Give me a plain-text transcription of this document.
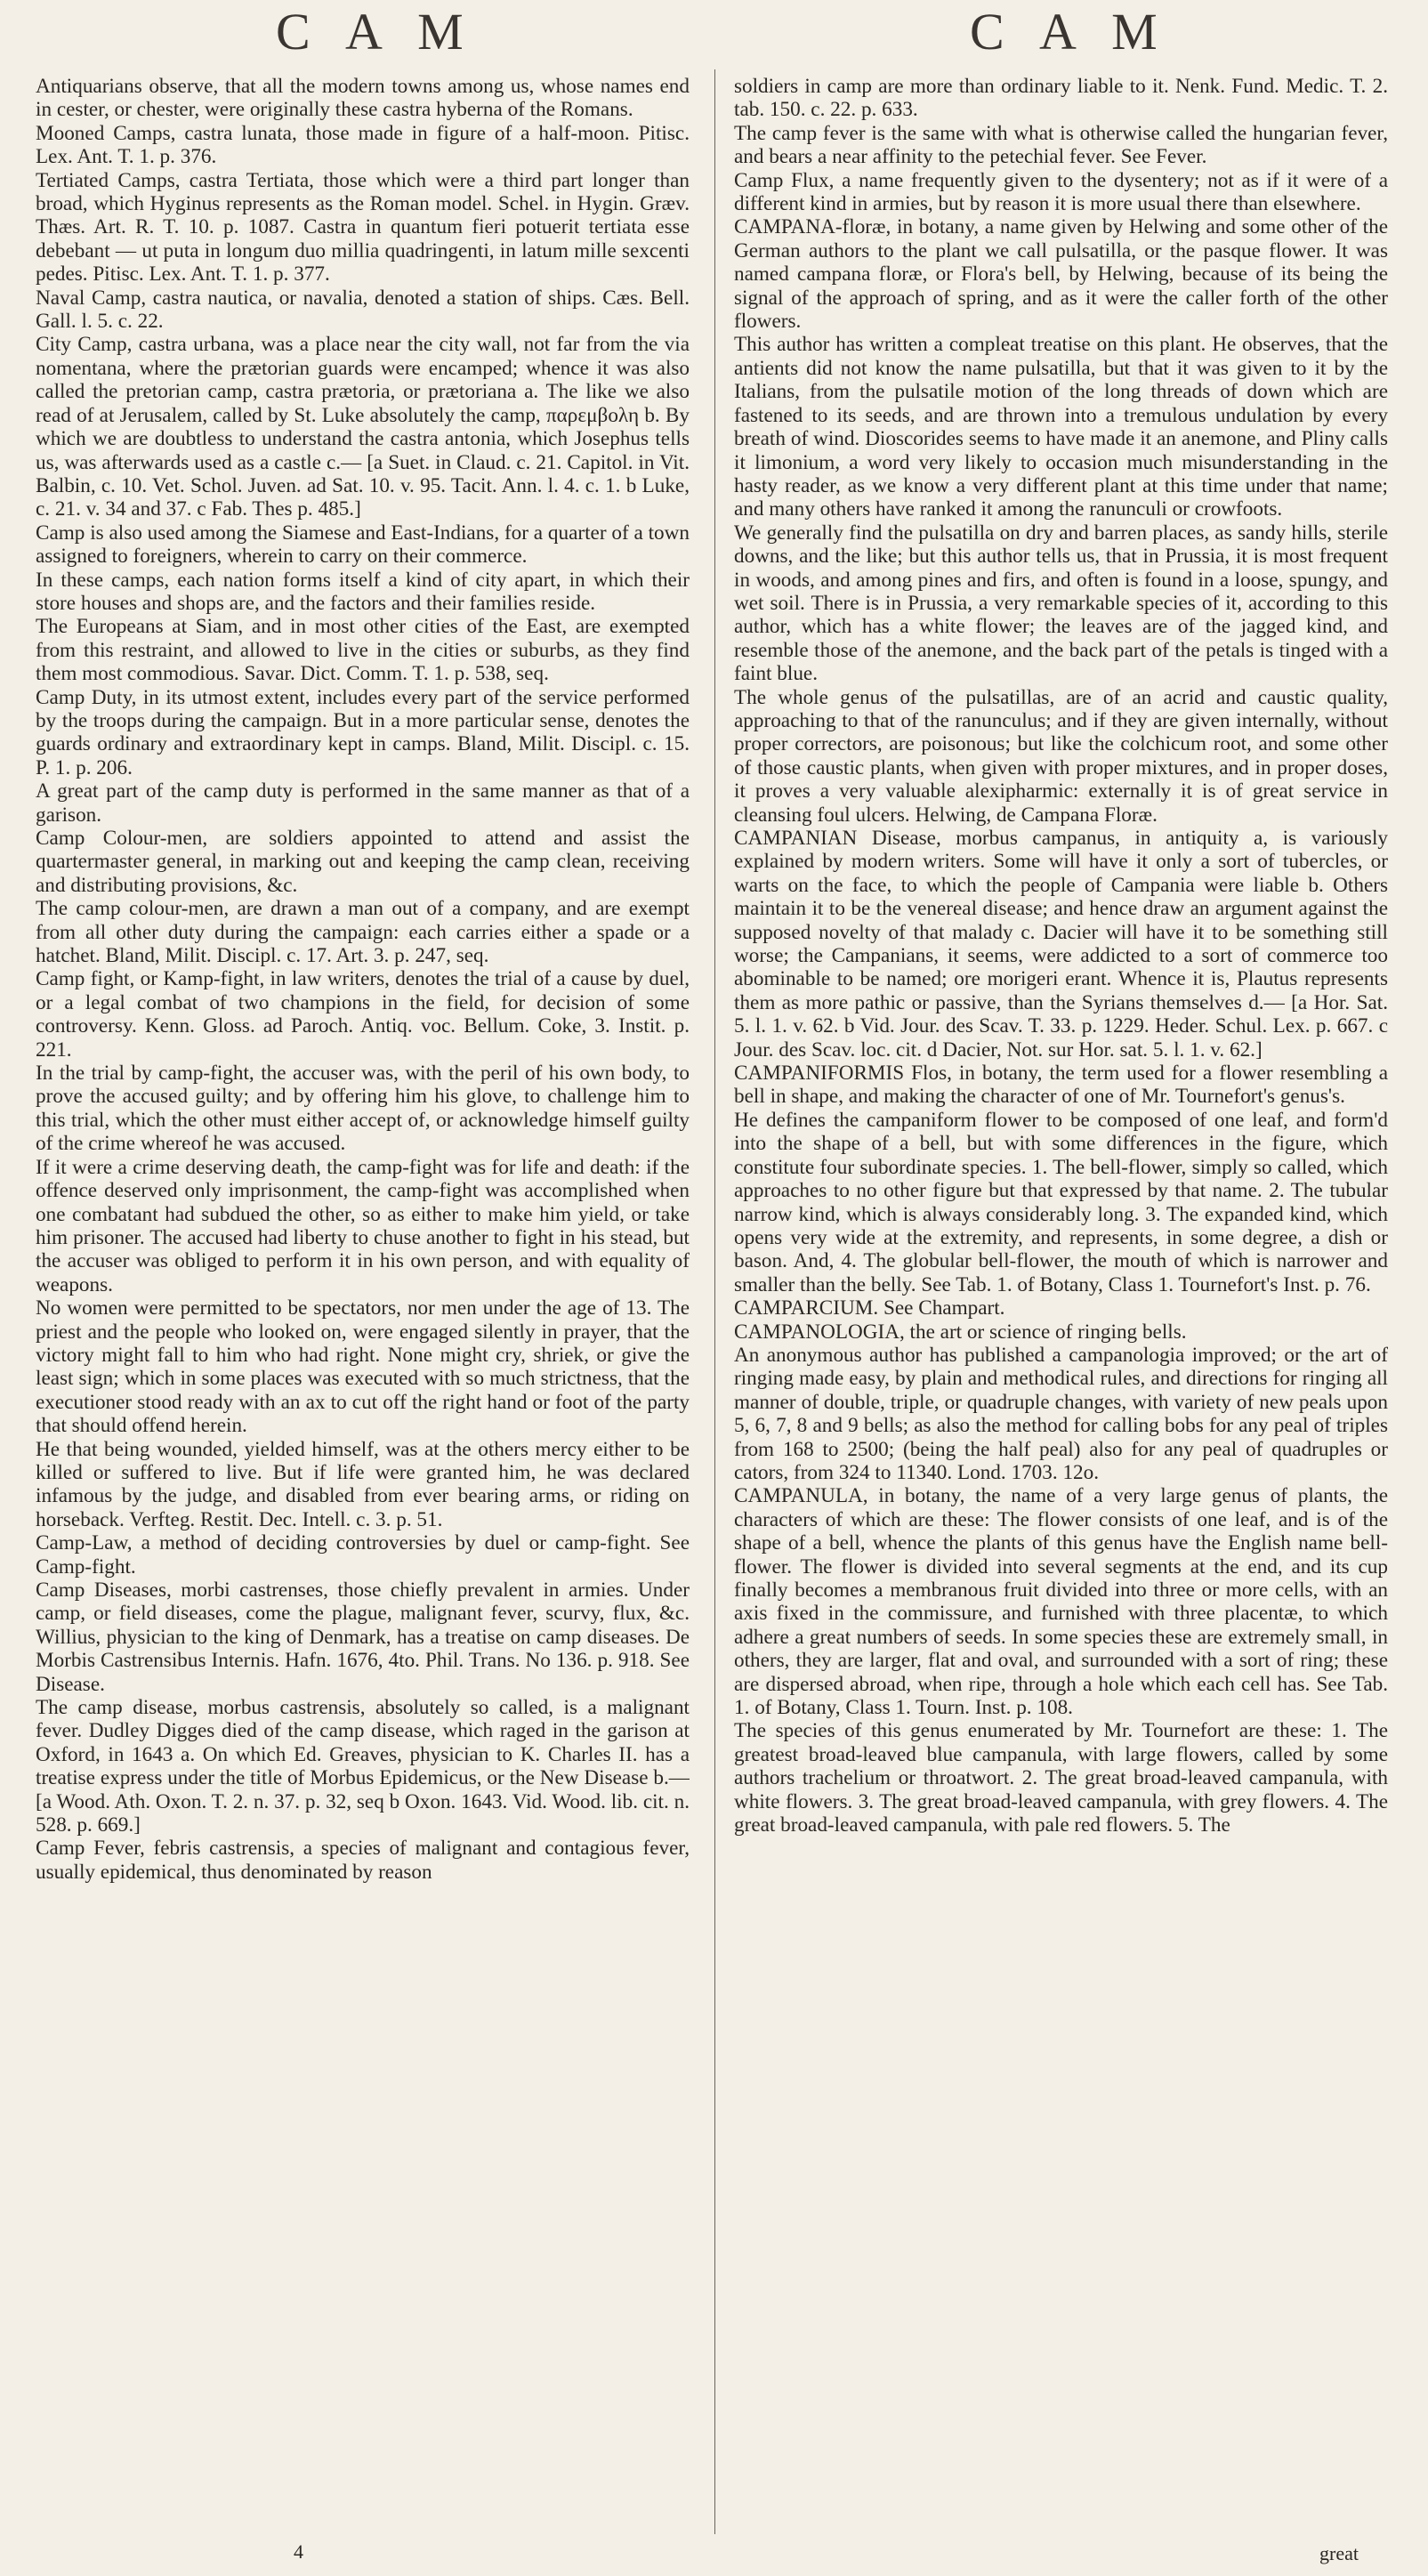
C A M	C A M

Antiquarians observe, that all the modern towns among us, whose names end in cester, or chester, were originally these castra hyberna of the Romans.

Mooned Camps, castra lunata, those made in figure of a half-moon. Pitisc. Lex. Ant. T. 1. p. 376.

Tertiated Camps, castra Tertiata, those which were a third part longer than broad, which Hyginus represents as the Roman model. Schel. in Hygin. Græv. Thæs. Art. R. T. 10. p. 1087. Castra in quantum fieri potuerit tertiata esse debebant — ut puta in longum duo millia quadringenti, in latum mille sexcenti pedes. Pitisc. Lex. Ant. T. 1. p. 377.

Naval Camp, castra nautica, or navalia, denoted a station of ships. Cæs. Bell. Gall. l. 5. c. 22.

City Camp, castra urbana, was a place near the city wall, not far from the via nomentana, where the prætorian guards were encamped; whence it was also called the pretorian camp, castra prætoria, or prætoriana a. The like we also read of at Jerusalem, called by St. Luke absolutely the camp, παρεμβολη b. By which we are doubtless to understand the castra antonia, which Josephus tells us, was afterwards used as a castle c.— [a Suet. in Claud. c. 21. Capitol. in Vit. Balbin, c. 10. Vet. Schol. Juven. ad Sat. 10. v. 95. Tacit. Ann. l. 4. c. 1. b Luke, c. 21. v. 34 and 37. c Fab. Thes p. 485.]

Camp is also used among the Siamese and East-Indians, for a quarter of a town assigned to foreigners, wherein to carry on their commerce.

In these camps, each nation forms itself a kind of city apart, in which their store houses and shops are, and the factors and their families reside.

The Europeans at Siam, and in most other cities of the East, are exempted from this restraint, and allowed to live in the cities or suburbs, as they find them most commodious. Savar. Dict. Comm. T. 1. p. 538, seq.

Camp Duty, in its utmost extent, includes every part of the service performed by the troops during the campaign. But in a more particular sense, denotes the guards ordinary and extraordinary kept in camps. Bland, Milit. Discipl. c. 15. P. 1. p. 206.

A great part of the camp duty is performed in the same manner as that of a garison.

Camp Colour-men, are soldiers appointed to attend and assist the quartermaster general, in marking out and keeping the camp clean, receiving and distributing provisions, &c.

The camp colour-men, are drawn a man out of a company, and are exempt from all other duty during the campaign: each carries either a spade or a hatchet. Bland, Milit. Discipl. c. 17. Art. 3. p. 247, seq.

Camp fight, or Kamp-fight, in law writers, denotes the trial of a cause by duel, or a legal combat of two champions in the field, for decision of some controversy. Kenn. Gloss. ad Paroch. Antiq. voc. Bellum. Coke, 3. Instit. p. 221.

In the trial by camp-fight, the accuser was, with the peril of his own body, to prove the accused guilty; and by offering him his glove, to challenge him to this trial, which the other must either accept of, or acknowledge himself guilty of the crime whereof he was accused.

If it were a crime deserving death, the camp-fight was for life and death: if the offence deserved only imprisonment, the camp-fight was accomplished when one combatant had subdued the other, so as either to make him yield, or take him prisoner. The accused had liberty to chuse another to fight in his stead, but the accuser was obliged to perform it in his own person, and with equality of weapons.

No women were permitted to be spectators, nor men under the age of 13. The priest and the people who looked on, were engaged silently in prayer, that the victory might fall to him who had right. None might cry, shriek, or give the least sign; which in some places was executed with so much strictness, that the executioner stood ready with an ax to cut off the right hand or foot of the party that should offend herein.

He that being wounded, yielded himself, was at the others mercy either to be killed or suffered to live. But if life were granted him, he was declared infamous by the judge, and disabled from ever bearing arms, or riding on horseback. Verfteg. Restit. Dec. Intell. c. 3. p. 51.

Camp-Law, a method of deciding controversies by duel or camp-fight. See Camp-fight.

Camp Diseases, morbi castrenses, those chiefly prevalent in armies. Under camp, or field diseases, come the plague, malignant fever, scurvy, flux, &c. Willius, physician to the king of Denmark, has a treatise on camp diseases. De Morbis Castrensibus Internis. Hafn. 1676, 4to. Phil. Trans. No 136. p. 918. See Disease.

The camp disease, morbus castrensis, absolutely so called, is a malignant fever. Dudley Digges died of the camp disease, which raged in the garison at Oxford, in 1643 a. On which Ed. Greaves, physician to K. Charles II. has a treatise express under the title of Morbus Epidemicus, or the New Disease b.— [a Wood. Ath. Oxon. T. 2. n. 37. p. 32, seq b Oxon. 1643. Vid. Wood. lib. cit. n. 528. p. 669.]

Camp Fever, febris castrensis, a species of malignant and contagious fever, usually epidemical, thus denominated by reason

soldiers in camp are more than ordinary liable to it. Nenk. Fund. Medic. T. 2. tab. 150. c. 22. p. 633.

The camp fever is the same with what is otherwise called the hungarian fever, and bears a near affinity to the petechial fever. See Fever.

Camp Flux, a name frequently given to the dysentery; not as if it were of a different kind in armies, but by reason it is more usual there than elsewhere.

CAMPANA-floræ, in botany, a name given by Helwing and some other of the German authors to the plant we call pulsatilla, or the pasque flower. It was named campana floræ, or Flora's bell, by Helwing, because of its being the signal of the approach of spring, and as it were the caller forth of the other flowers.

This author has written a compleat treatise on this plant. He observes, that the antients did not know the name pulsatilla, but that it was given to it by the Italians, from the pulsatile motion of the long threads of down which are fastened to its seeds, and are thrown into a tremulous undulation by every breath of wind. Dioscorides seems to have made it an anemone, and Pliny calls it limonium, a word very likely to occasion much misunderstanding in the hasty reader, as we know a very different plant at this time under that name; and many others have ranked it among the ranunculi or crowfoots.

We generally find the pulsatilla on dry and barren places, as sandy hills, sterile downs, and the like; but this author tells us, that in Prussia, it is most frequent in woods, and among pines and firs, and often is found in a loose, spungy, and wet soil. There is in Prussia, a very remarkable species of it, according to this author, which has a white flower; the leaves are of the jagged kind, and resemble those of the anemone, and the back part of the petals is tinged with a faint blue.

The whole genus of the pulsatillas, are of an acrid and caustic quality, approaching to that of the ranunculus; and if they are given internally, without proper correctors, are poisonous; but like the colchicum root, and some other of those caustic plants, when given with proper mixtures, and in proper doses, it proves a very valuable alexipharmic: externally it is of great service in cleansing foul ulcers. Helwing, de Campana Floræ.

CAMPANIAN Disease, morbus campanus, in antiquity a, is variously explained by modern writers. Some will have it only a sort of tubercles, or warts on the face, to which the people of Campania were liable b. Others maintain it to be the venereal disease; and hence draw an argument against the supposed novelty of that malady c. Dacier will have it to be something still worse; the Campanians, it seems, were addicted to a sort of commerce too abominable to be named; ore morigeri erant. Whence it is, Plautus represents them as more pathic or passive, than the Syrians themselves d.— [a Hor. Sat. 5. l. 1. v. 62. b Vid. Jour. des Scav. T. 33. p. 1229. Heder. Schul. Lex. p. 667. c Jour. des Scav. loc. cit. d Dacier, Not. sur Hor. sat. 5. l. 1. v. 62.]

CAMPANIFORMIS Flos, in botany, the term used for a flower resembling a bell in shape, and making the character of one of Mr. Tournefort's genus's.

He defines the campaniform flower to be composed of one leaf, and form'd into the shape of a bell, but with some differences in the figure, which constitute four subordinate species. 1. The bell-flower, simply so called, which approaches to no other figure but that expressed by that name. 2. The tubular narrow kind, which is always considerably long. 3. The expanded kind, which opens very wide at the extremity, and represents, in some degree, a dish or bason. And, 4. The globular bell-flower, the mouth of which is narrower and smaller than the belly. See Tab. 1. of Botany, Class 1. Tournefort's Inst. p. 76.

CAMPARCIUM. See Champart.

CAMPANOLOGIA, the art or science of ringing bells.

An anonymous author has published a campanologia improved; or the art of ringing made easy, by plain and methodical rules, and directions for ringing all manner of double, triple, or quadruple changes, with variety of new peals upon 5, 6, 7, 8 and 9 bells; as also the method for calling bobs for any peal of triples from 168 to 2500; (being the half peal) also for any peal of quadruples or cators, from 324 to 11340. Lond. 1703. 12o.

CAMPANULA, in botany, the name of a very large genus of plants, the characters of which are these: The flower consists of one leaf, and is of the shape of a bell, whence the plants of this genus have the English name bell-flower. The flower is divided into several segments at the end, and its cup finally becomes a membranous fruit divided into three or more cells, with an axis fixed in the commissure, and furnished with three placentæ, to which adhere a great numbers of seeds. In some species these are extremely small, in others, they are larger, flat and oval, and surrounded with a sort of ring; these are dispersed abroad, when ripe, through a hole which each cell has. See Tab. 1. of Botany, Class 1. Tourn. Inst. p. 108.

The species of this genus enumerated by Mr. Tournefort are these: 1. The greatest broad-leaved blue campanula, with large flowers, called by some authors trachelium or throatwort. 2. The great broad-leaved campanula, with white flowers. 3. The great broad-leaved campanula, with grey flowers. 4. The great broad-leaved campanula, with pale red flowers. 5. The

4	great
